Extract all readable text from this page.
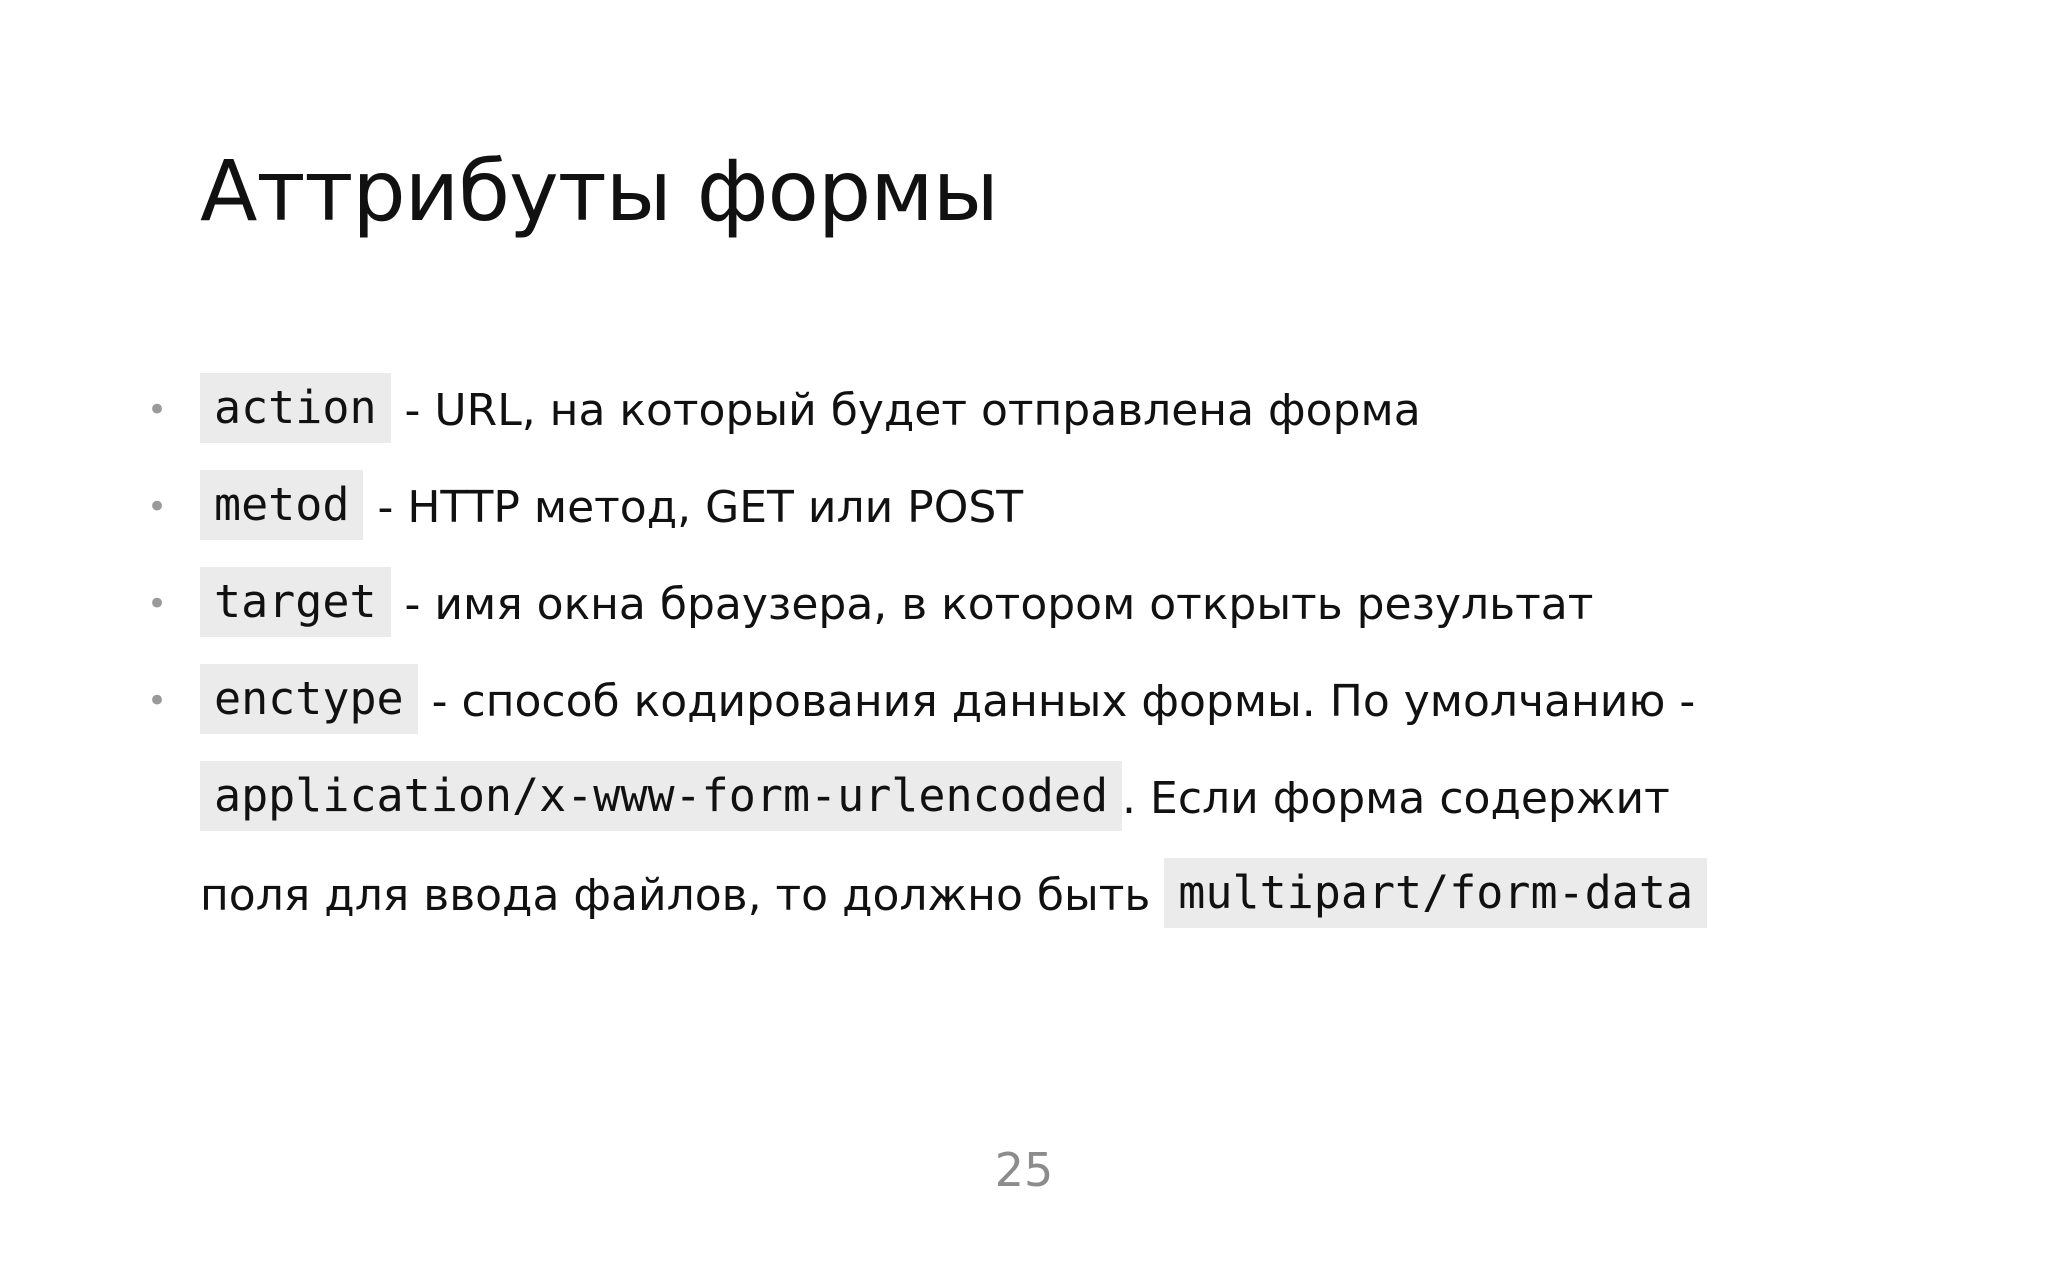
Аттрибуты формы
• action - URL, на который будет отправлена форма
• metod - HTTP метод, GET или POST
• target - имя окна браузера, в котором открыть результат
•	enctype - способ кодирования данных формы. По умолчанию -
application/x-www-form-urlencoded . Если форма содержит
поля для ввода файлов, то должно быть multipart/form-data
25
